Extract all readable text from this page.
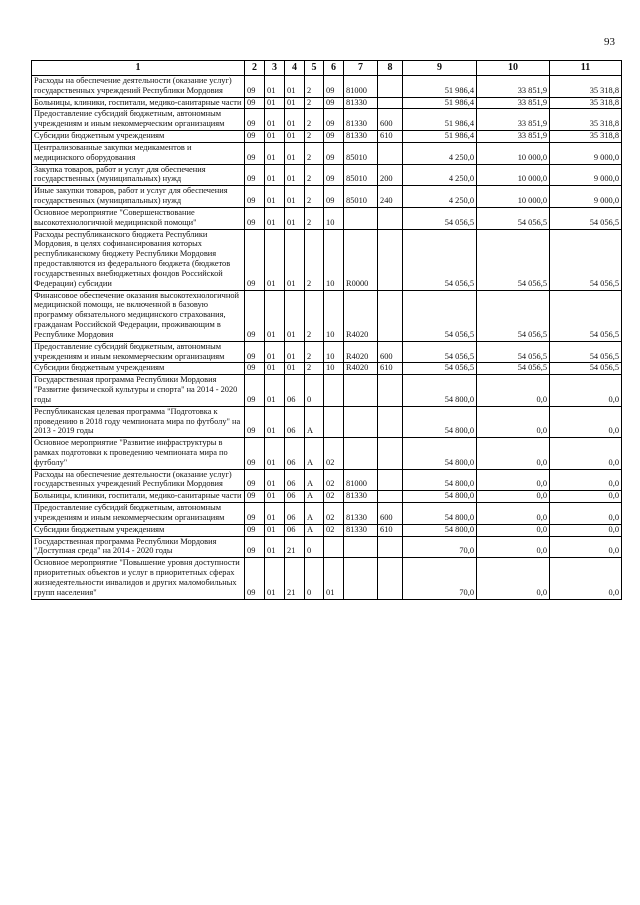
93
1	2	3	4	5	6	7	8	9	10	11
Расходы на обеспечение деятельности (оказание услуг) государственных учреждений Республики Мордовия	09	01	01	2	09	81000		51 986,4	33 851,9	35 318,8
Больницы, клиники, госпитали, медико-санитарные части	09	01	01	2	09	81330		51 986,4	33 851,9	35 318,8
Предоставление субсидий бюджетным, автономным учреждениям и иным некоммерческим организациям	09	01	01	2	09	81330	600	51 986,4	33 851,9	35 318,8
Субсидии бюджетным учреждениям	09	01	01	2	09	81330	610	51 986,4	33 851,9	35 318,8
Централизованные закупки медикаментов и медицинского оборудования	09	01	01	2	09	85010		4 250,0	10 000,0	9 000,0
Закупка товаров, работ и услуг для обеспечения государственных (муниципальных) нужд	09	01	01	2	09	85010	200	4 250,0	10 000,0	9 000,0
Иные закупки товаров, работ и услуг для обеспечения государственных (муниципальных) нужд	09	01	01	2	09	85010	240	4 250,0	10 000,0	9 000,0
Основное мероприятие "Совершенствование высокотехнологичной медицинской помощи"	09	01	01	2	10			54 056,5	54 056,5	54 056,5
Расходы республиканского бюджета Республики Мордовия, в целях софинансирования которых республиканскому бюджету Республики Мордовия предоставляются из федерального бюджета (бюджетов государственных внебюджетных фондов Российской Федерации) субсидии	09	01	01	2	10	R0000		54 056,5	54 056,5	54 056,5
Финансовое обеспечение оказания высокотехнологичной медицинской помощи, не включенной в базовую программу обязательного медицинского страхования, гражданам Российской Федерации, проживающим в Республике Мордовия	09	01	01	2	10	R4020		54 056,5	54 056,5	54 056,5
Предоставление субсидий бюджетным, автономным учреждениям и иным некоммерческим организациям	09	01	01	2	10	R4020	600	54 056,5	54 056,5	54 056,5
Субсидии бюджетным учреждениям	09	01	01	2	10	R4020	610	54 056,5	54 056,5	54 056,5
Государственная программа Республики Мордовия "Развитие физической культуры и спорта" на 2014 - 2020 годы	09	01	06	0				54 800,0	0,0	0,0
Республиканская целевая программа "Подготовка к проведению в 2018 году чемпионата мира по футболу" на 2013 - 2019 годы	09	01	06	А				54 800,0	0,0	0,0
Основное мероприятие "Развитие инфраструктуры в рамках подготовки к проведению чемпионата мира по футболу"	09	01	06	А	02			54 800,0	0,0	0,0
Расходы на обеспечение деятельности (оказание услуг) государственных учреждений Республики Мордовия	09	01	06	А	02	81000		54 800,0	0,0	0,0
Больницы, клиники, госпитали, медико-санитарные части	09	01	06	А	02	81330		54 800,0	0,0	0,0
Предоставление субсидий бюджетным, автономным учреждениям и иным некоммерческим организациям	09	01	06	А	02	81330	600	54 800,0	0,0	0,0
Субсидии бюджетным учреждениям	09	01	06	А	02	81330	610	54 800,0	0,0	0,0
Государственная программа Республики Мордовия "Доступная среда" на 2014 - 2020 годы	09	01	21	0				70,0	0,0	0,0
Основное мероприятие "Повышение уровня доступности приоритетных объектов и услуг в приоритетных сферах жизнедеятельности инвалидов и других маломобильных групп населения"	09	01	21	0	01			70,0	0,0	0,0
